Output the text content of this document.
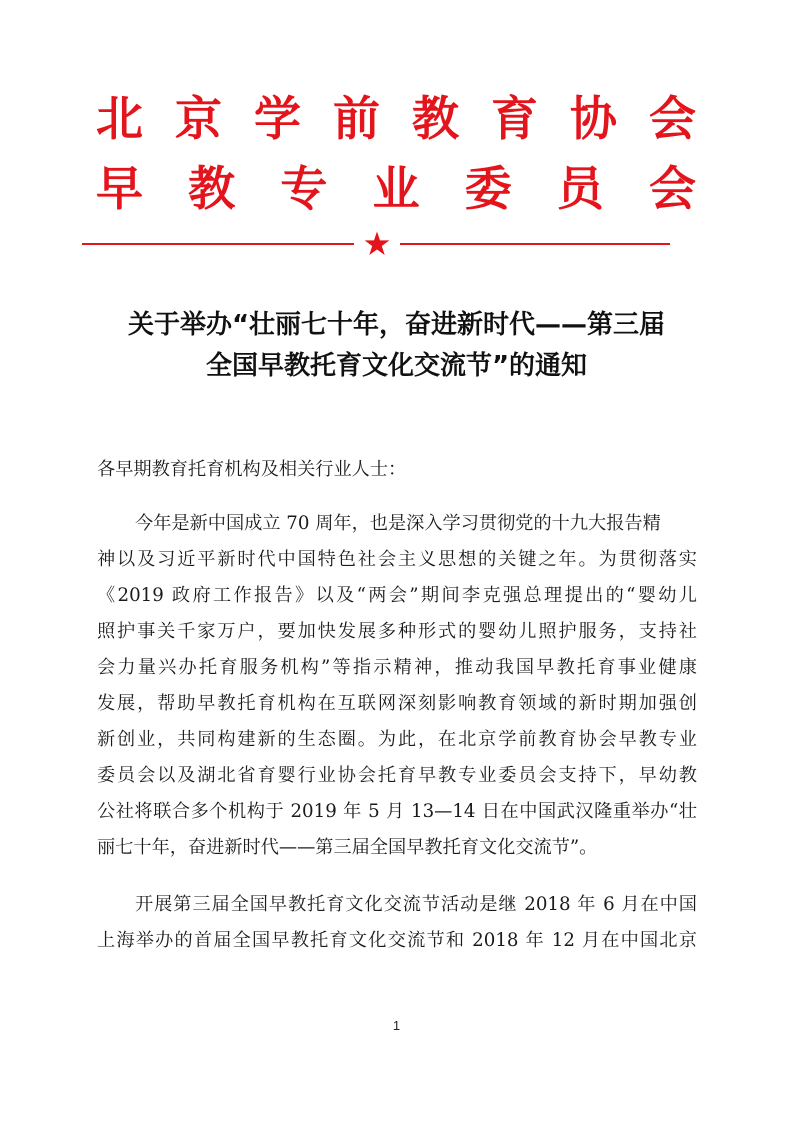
北 京 学 前 教 育 协 会
早 教 专 业 委 员 会
关于举办“壮丽七十年，奋进新时代——第三届
全国早教托育文化交流节”的通知
各早期教育托育机构及相关行业人士：
今年是新中国成立 70 周年，也是深入学习贯彻党的十九大报告精
神以及习近平新时代中国特色社会主义思想的关键之年。为贯彻落实
《2019 政府工作报告》以及“两会”期间李克强总理提出的“婴幼儿
照护事关千家万户，要加快发展多种形式的婴幼儿照护服务，支持社
会力量兴办托育服务机构”等指示精神，推动我国早教托育事业健康
发展，帮助早教托育机构在互联网深刻影响教育领域的新时期加强创
新创业，共同构建新的生态圈。为此，在北京学前教育协会早教专业
委员会以及湖北省育婴行业协会托育早教专业委员会支持下，早幼教
公社将联合多个机构于 2019 年 5 月 13—14 日在中国武汉隆重举办“壮
丽七十年，奋进新时代——第三届全国早教托育文化交流节”。
开展第三届全国早教托育文化交流节活动是继 2018 年 6 月在中国
上海举办的首届全国早教托育文化交流节和 2018 年 12 月在中国北京
1
